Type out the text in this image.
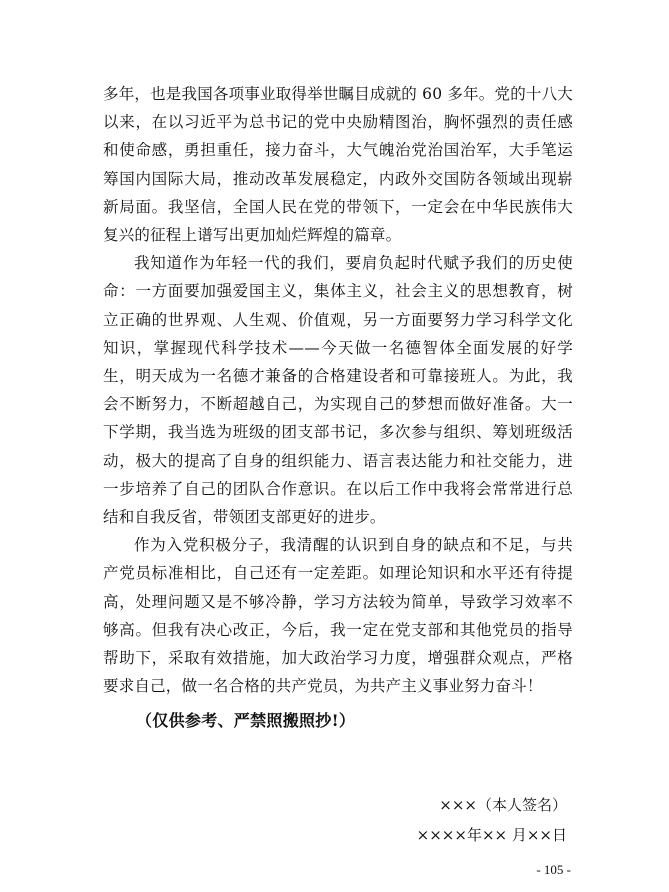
多年，也是我国各项事业取得举世瞩目成就的 60 多年。党的十八大以来，在以习近平为总书记的党中央励精图治，胸怀强烈的责任感和使命感，勇担重任，接力奋斗，大气魄治党治国治军，大手笔运筹国内国际大局，推动改革发展稳定，内政外交国防各领域出现崭新局面。我坚信，全国人民在党的带领下，一定会在中华民族伟大复兴的征程上谱写出更加灿烂辉煌的篇章。

我知道作为年轻一代的我们，要肩负起时代赋予我们的历史使命：一方面要加强爱国主义，集体主义，社会主义的思想教育，树立正确的世界观、人生观、价值观，另一方面要努力学习科学文化知识，掌握现代科学技术——今天做一名德智体全面发展的好学生，明天成为一名德才兼备的合格建设者和可靠接班人。为此，我会不断努力，不断超越自己，为实现自己的梦想而做好准备。大一下学期，我当选为班级的团支部书记，多次参与组织、筹划班级活动，极大的提高了自身的组织能力、语言表达能力和社交能力，进一步培养了自己的团队合作意识。在以后工作中我将会常常进行总结和自我反省，带领团支部更好的进步。

作为入党积极分子，我清醒的认识到自身的缺点和不足，与共产党员标准相比，自己还有一定差距。如理论知识和水平还有待提高，处理问题又是不够冷静，学习方法较为简单，导致学习效率不够高。但我有决心改正，今后，我一定在党支部和其他党员的指导帮助下，采取有效措施，加大政治学习力度，增强群众观点，严格要求自己，做一名合格的共产党员，为共产主义事业努力奋斗！

（仅供参考、严禁照搬照抄!）
×××（本人签名）
××××年×× 月××日
- 105 -
